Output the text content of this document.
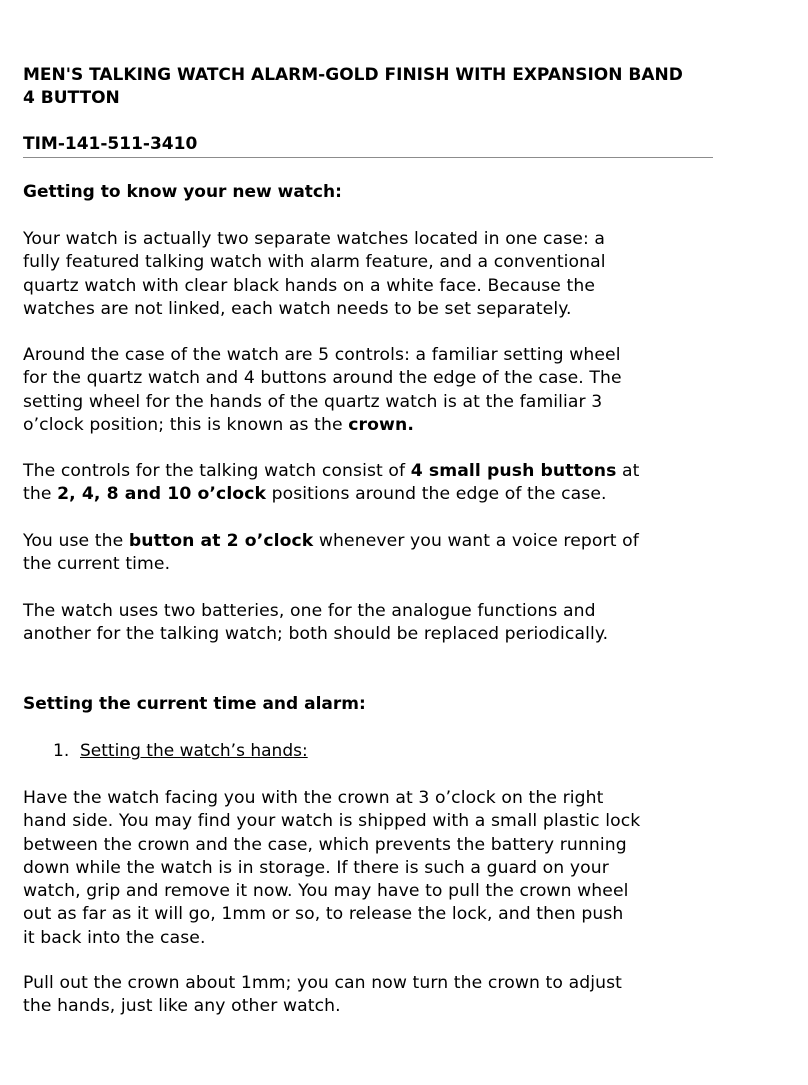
MEN'S TALKING WATCH ALARM-GOLD FINISH WITH EXPANSION BAND
4 BUTTON
TIM-141-511-3410
Getting to know your new watch:
Your watch is actually two separate watches located in one case: a
fully featured talking watch with alarm feature, and a conventional
quartz watch with clear black hands on a white face. Because the
watches are not linked, each watch needs to be set separately.
Around the case of the watch are 5 controls: a familiar setting wheel
for the quartz watch and 4 buttons around the edge of the case. The
setting wheel for the hands of the quartz watch is at the familiar 3
o’clock position; this is known as the crown.
The controls for the talking watch consist of 4 small push buttons at
the 2, 4, 8 and 10 o’clock positions around the edge of the case.
You use the button at 2 o’clock whenever you want a voice report of
the current time.
The watch uses two batteries, one for the analogue functions and
another for the talking watch; both should be replaced periodically.
Setting the current time and alarm:
1. Setting the watch’s hands:
Have the watch facing you with the crown at 3 o’clock on the right
hand side. You may find your watch is shipped with a small plastic lock
between the crown and the case, which prevents the battery running
down while the watch is in storage. If there is such a guard on your
watch, grip and remove it now. You may have to pull the crown wheel
out as far as it will go, 1mm or so, to release the lock, and then push
it back into the case.
Pull out the crown about 1mm; you can now turn the crown to adjust
the hands, just like any other watch.
